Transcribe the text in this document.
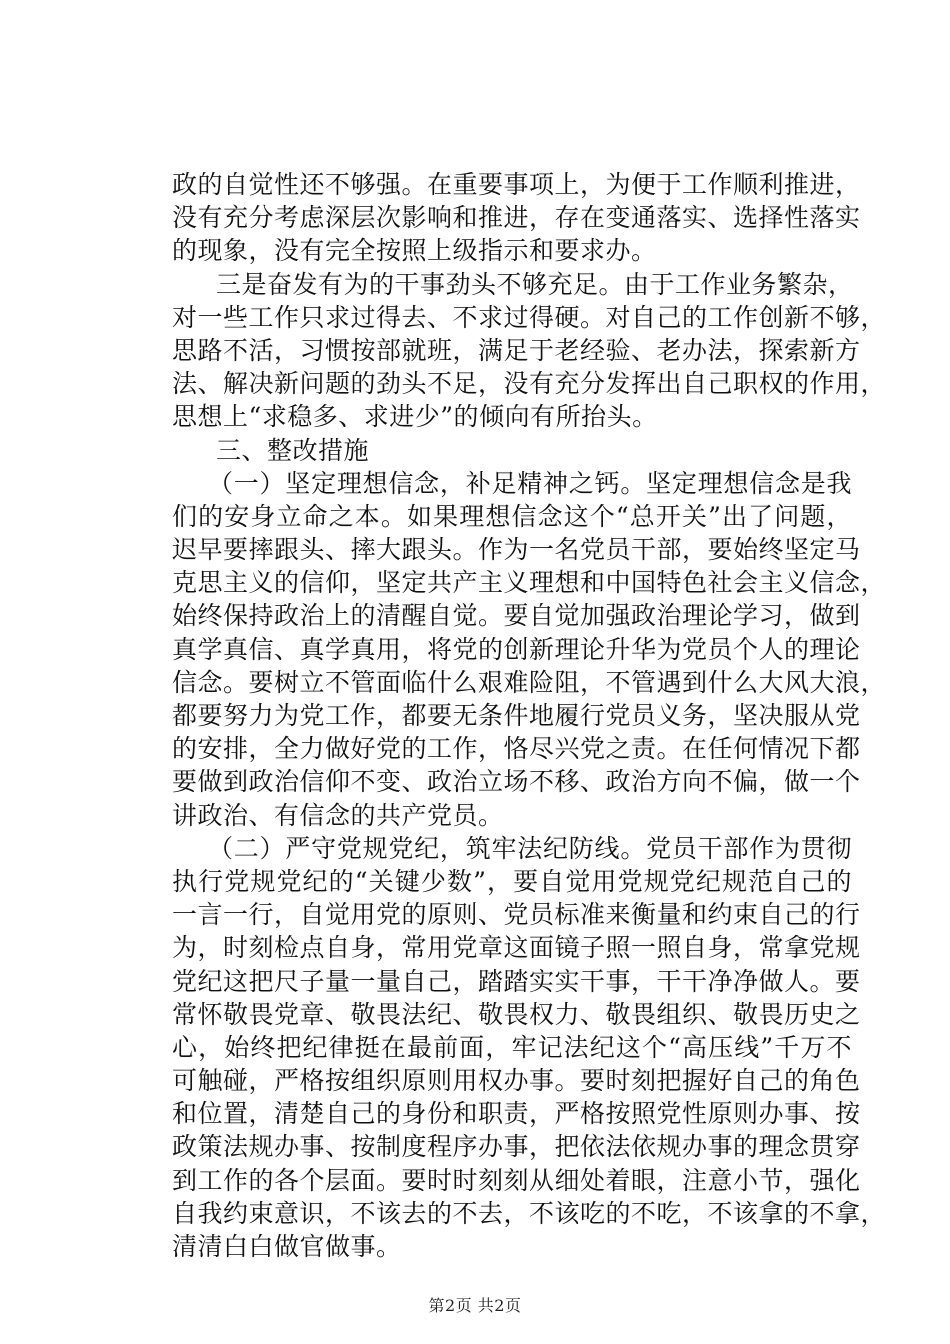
政的自觉性还不够强。在重要事项上，为便于工作顺利推进，
没有充分考虑深层次影响和推进，存在变通落实、选择性落实
的现象，没有完全按照上级指示和要求办。
三是奋发有为的干事劲头不够充足。由于工作业务繁杂，
对一些工作只求过得去、不求过得硬。对自己的工作创新不够，
思路不活，习惯按部就班，满足于老经验、老办法，探索新方
法、解决新问题的劲头不足，没有充分发挥出自己职权的作用，
思想上“求稳多、求进少”的倾向有所抬头。
三、整改措施
（一）坚定理想信念，补足精神之钙。坚定理想信念是我
们的安身立命之本。如果理想信念这个“总开关”出了问题，
迟早要摔跟头、摔大跟头。作为一名党员干部，要始终坚定马
克思主义的信仰，坚定共产主义理想和中国特色社会主义信念，
始终保持政治上的清醒自觉。要自觉加强政治理论学习，做到
真学真信、真学真用，将党的创新理论升华为党员个人的理论
信念。要树立不管面临什么艰难险阻，不管遇到什么大风大浪，
都要努力为党工作，都要无条件地履行党员义务，坚决服从党
的安排，全力做好党的工作，恪尽兴党之责。在任何情况下都
要做到政治信仰不变、政治立场不移、政治方向不偏，做一个
讲政治、有信念的共产党员。
（二）严守党规党纪，筑牢法纪防线。党员干部作为贯彻
执行党规党纪的“关键少数”，要自觉用党规党纪规范自己的
一言一行，自觉用党的原则、党员标准来衡量和约束自己的行
为，时刻检点自身，常用党章这面镜子照一照自身，常拿党规
党纪这把尺子量一量自己，踏踏实实干事，干干净净做人。要
常怀敬畏党章、敬畏法纪、敬畏权力、敬畏组织、敬畏历史之
心，始终把纪律挺在最前面，牢记法纪这个“高压线”千万不
可触碰，严格按组织原则用权办事。要时刻把握好自己的角色
和位置，清楚自己的身份和职责，严格按照党性原则办事、按
政策法规办事、按制度程序办事，把依法依规办事的理念贯穿
到工作的各个层面。要时时刻刻从细处着眼，注意小节，强化
自我约束意识，不该去的不去，不该吃的不吃，不该拿的不拿，
清清白白做官做事。
第2页 共2页
